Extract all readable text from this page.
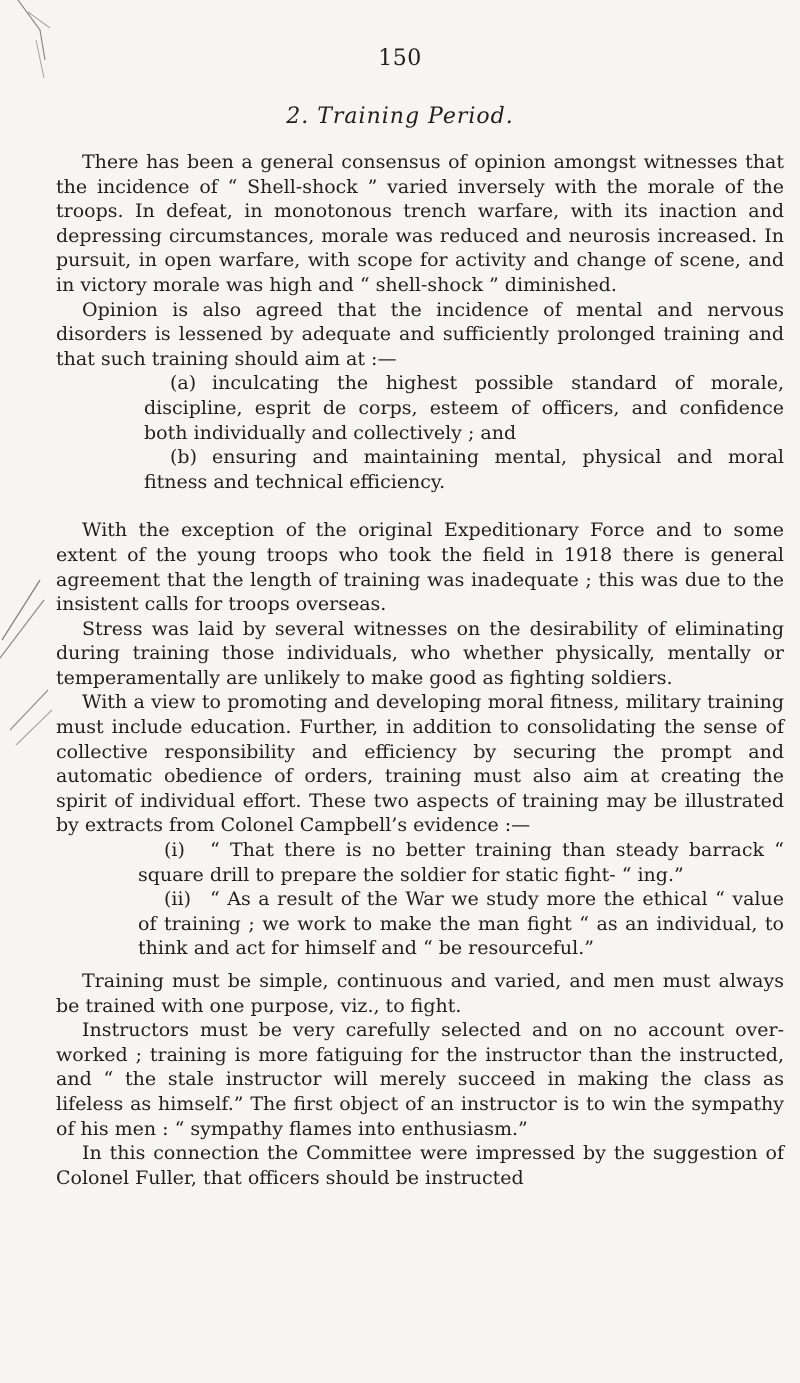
150
2. Training Period.

There has been a general consensus of opinion amongst witnesses that the incidence of “ Shell-shock ” varied inversely with the morale of the troops. In defeat, in monotonous trench warfare, with its inaction and depressing circumstances, morale was reduced and neurosis increased. In pursuit, in open warfare, with scope for activity and change of scene, and in victory morale was high and “ shell-shock ” diminished.

Opinion is also agreed that the incidence of mental and nervous disorders is lessened by adequate and sufficiently prolonged training and that such training should aim at :—

(a) inculcating the highest possible standard of morale, discipline, esprit de corps, esteem of officers, and confidence both individually and collectively ; and

(b) ensuring and maintaining mental, physical and moral fitness and technical efficiency.

With the exception of the original Expeditionary Force and to some extent of the young troops who took the field in 1918 there is general agreement that the length of training was inadequate ; this was due to the insistent calls for troops overseas.

Stress was laid by several witnesses on the desirability of eliminating during training those individuals, who whether physically, mentally or temperamentally are unlikely to make good as fighting soldiers.

With a view to promoting and developing moral fitness, military training must include education. Further, in addition to consolidating the sense of collective responsibility and efficiency by securing the prompt and automatic obedience of orders, training must also aim at creating the spirit of individual effort. These two aspects of training may be illustrated by extracts from Colonel Campbell’s evidence :—

(i) “ That there is no better training than steady barrack “ square drill to prepare the soldier for static fight- “ ing.”

(ii) “ As a result of the War we study more the ethical “ value of training ; we work to make the man fight “ as an individual, to think and act for himself and “ be resourceful.”

Training must be simple, continuous and varied, and men must always be trained with one purpose, viz., to fight.

Instructors must be very carefully selected and on no account over-worked ; training is more fatiguing for the instructor than the instructed, and “ the stale instructor will merely succeed in making the class as lifeless as himself.” The first object of an instructor is to win the sympathy of his men : “ sympathy flames into enthusiasm.”

In this connection the Committee were impressed by the suggestion of Colonel Fuller, that officers should be instructed
